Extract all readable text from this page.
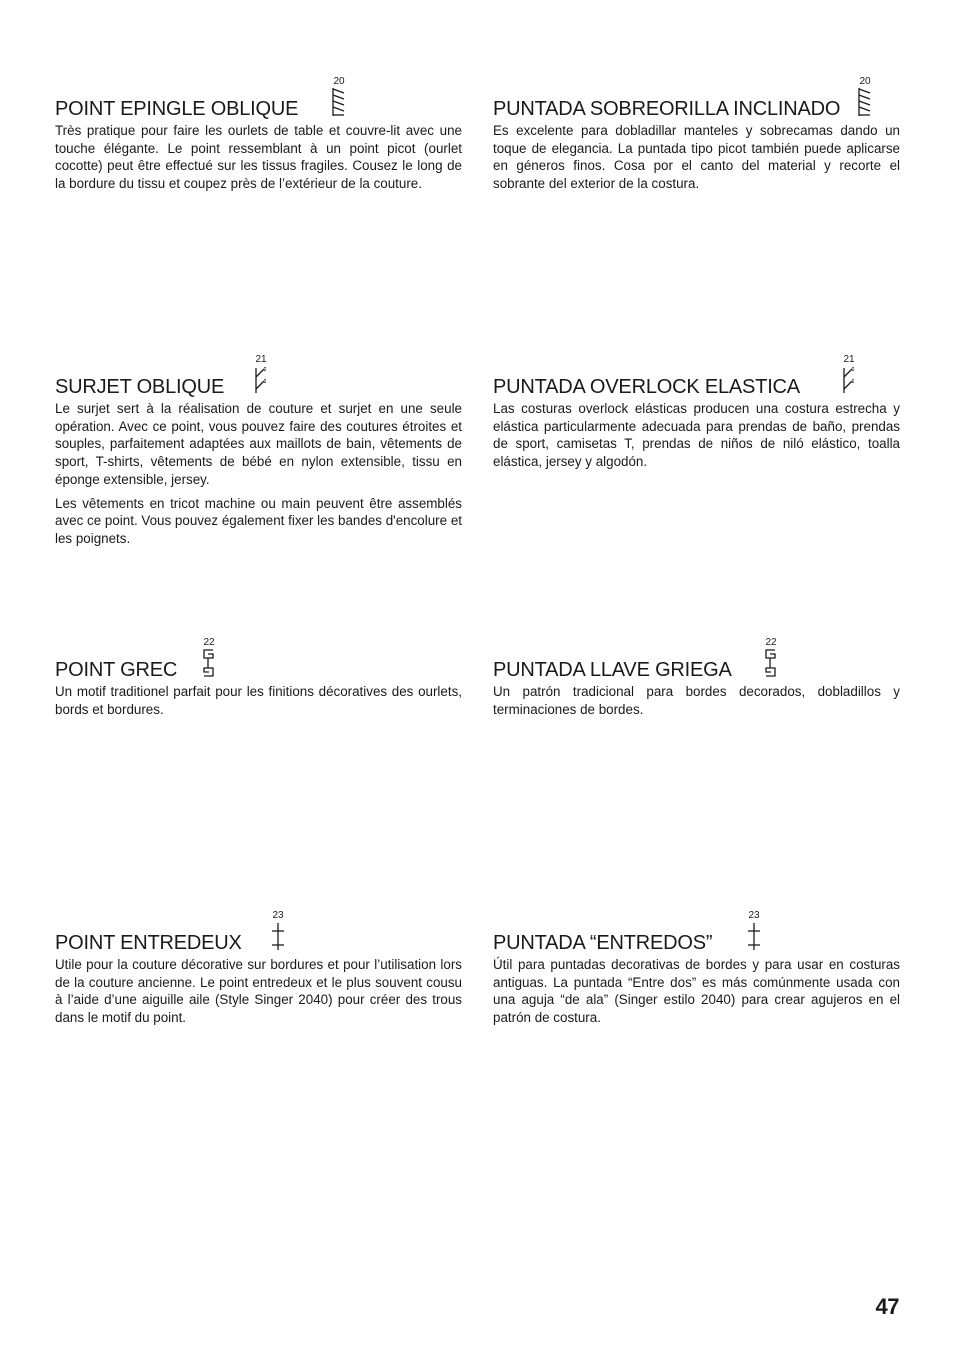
POINT EPINGLE OBLIQUE
20

Très pratique pour faire les ourlets de table et couvre-lit avec une touche élégante. Le point ressemblant à un point picot (ourlet cocotte) peut être effectué sur les tissus fragiles. Cousez le long de la bordure du tissu et coupez près de l’extérieur de la couture.

PUNTADA SOBREORILLA INCLINADO
20

Es excelente para dobladillar manteles y sobrecamas dando un toque de elegancia. La puntada tipo picot también puede aplicarse en géneros finos. Cosa por el canto del material y recorte el sobrante del exterior de la costura.

SURJET OBLIQUE
21

Le surjet sert à la réalisation de couture et surjet en une seule opération. Avec ce point, vous pouvez faire des coutures étroites et souples, parfaitement adaptées aux maillots de bain, vêtements de sport, T-shirts, vêtements de bébé en nylon extensible, tissu en éponge extensible, jersey.

Les vêtements en tricot machine ou main peuvent être assemblés avec ce point. Vous pouvez également fixer les bandes d'encolure et les poignets.

PUNTADA OVERLOCK ELASTICA
21

Las costuras overlock elásticas producen una costura estrecha y elástica particularmente adecuada para prendas de baño, prendas de sport, camisetas T, prendas de niños de niló elástico, toalla elástica, jersey y algodón.

POINT GREC
22

Un motif traditionel parfait pour les finitions décoratives des ourlets, bords et bordures.

PUNTADA LLAVE GRIEGA
22

Un patrón tradicional para bordes decorados, dobladillos y terminaciones de bordes.

POINT ENTREDEUX
23

Utile pour la couture décorative sur bordures et pour l’utilisation lors de la couture ancienne. Le point entredeux et le plus souvent cousu à l’aide d’une aiguille aile (Style Singer 2040) pour créer des trous dans le motif du point.

PUNTADA “ENTREDOS”
23

Útil para puntadas decorativas de bordes y para usar en costuras antiguas. La puntada “Entre dos” es más comúnmente usada con una aguja “de ala” (Singer estilo 2040) para crear agujeros en el patrón de costura.

47
